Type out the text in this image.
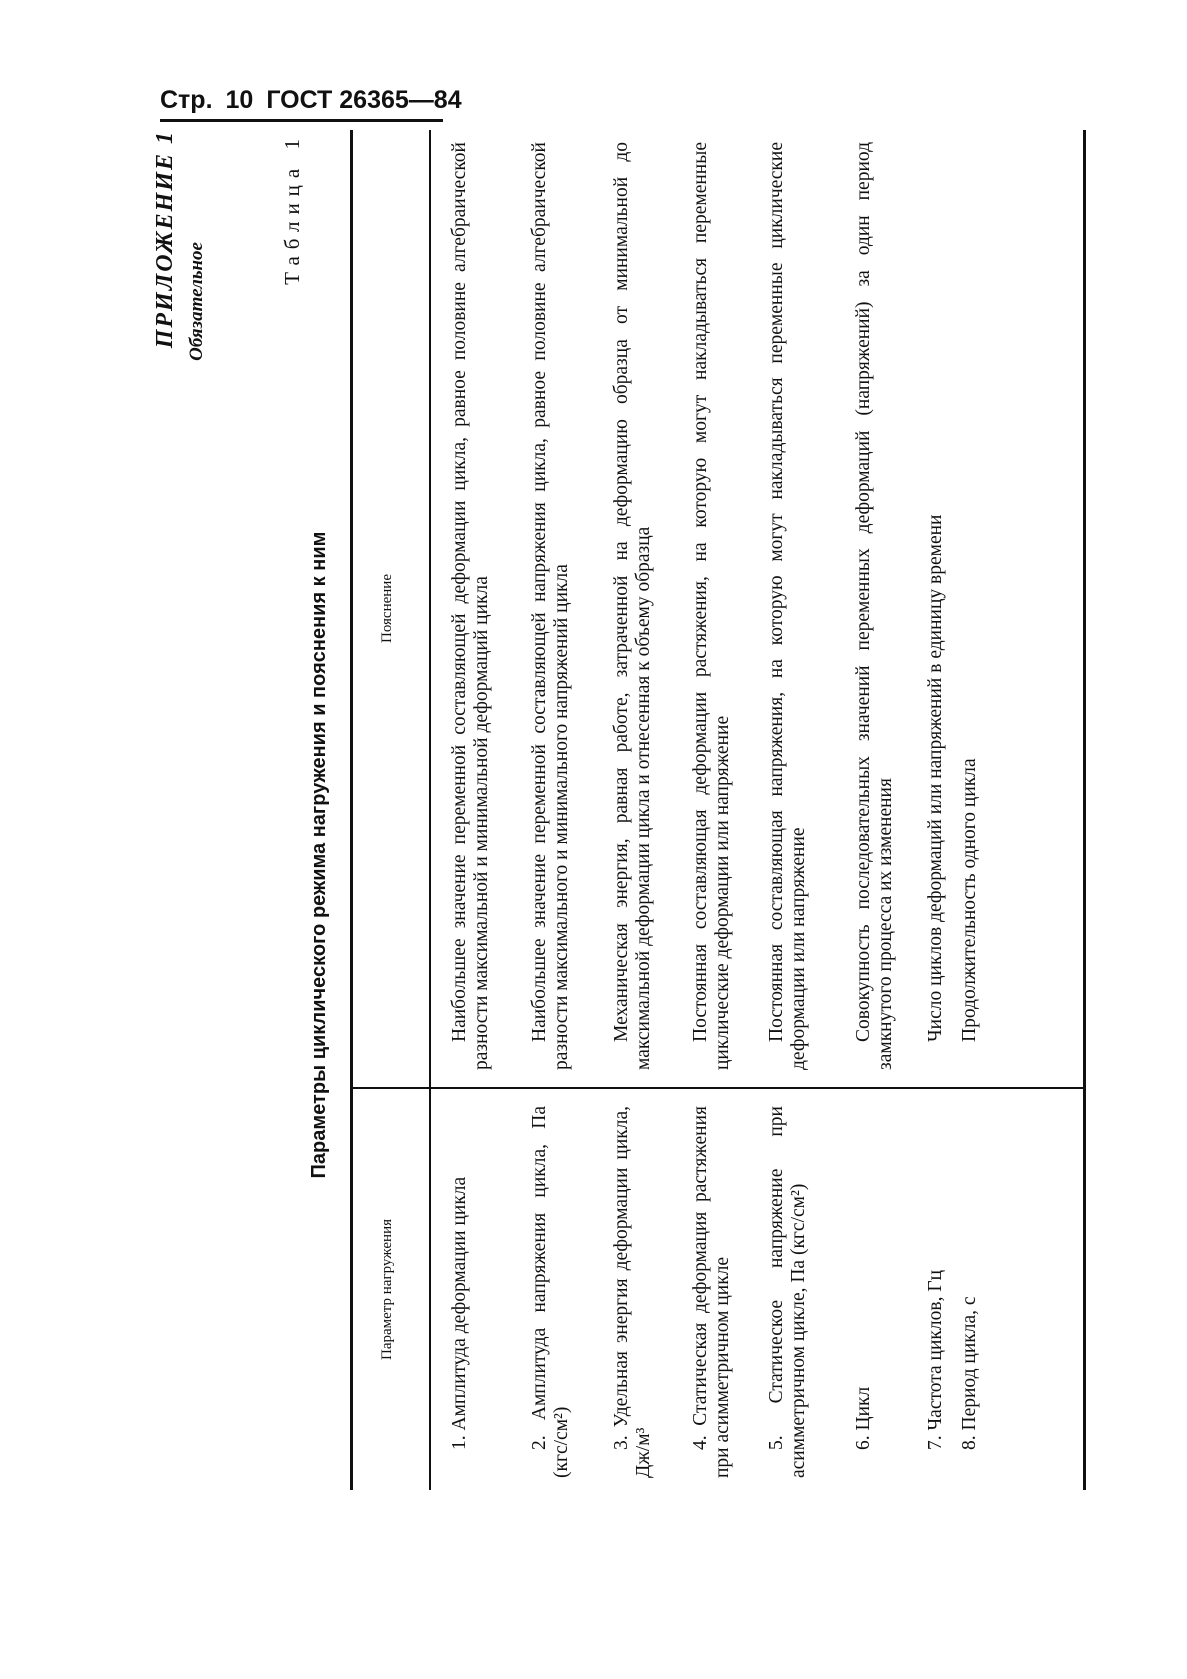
Стр. 10 ГОСТ 26365—84
ПРИЛОЖЕНИЕ 1 Обязательное
Таблица 1
Параметры циклического режима нагружения и пояснения к ним
Параметр нагружения
Пояснение
1. Амплитуда деформации цикла
Наибольшее значение переменной составляющей деформации цикла, равное половине алгебраической разности максимальной и минимальной деформаций цикла
2. Амплитуда напряжения цикла, Па (кгс/см²)
Наибольшее значение переменной составляющей напряжения цикла, равное половине алгебраической разности максимального и минимального напряжений цикла
3. Удельная энергия деформации цикла, Дж/м³
Механическая энергия, равная работе, затраченной на деформацию образца от минимальной до максимальной деформации цикла и отнесенная к объему образца
4. Статическая деформация растяжения при асимметричном цикле
Постоянная составляющая деформации растяжения, на которую могут накладываться переменные циклические деформации или напряжение
5. Статическое напряжение при асимметричном цикле, Па (кгс/см²)
Постоянная составляющая напряжения, на которую могут накладываться переменные циклические деформации или напряжение
6. Цикл
Совокупность последовательных значений переменных деформаций (напряжений) за один период замкнутого процесса их изменения
7. Частота циклов, Гц
Число циклов деформаций или напряжений в единицу времени
8. Период цикла, с
Продолжительность одного цикла
